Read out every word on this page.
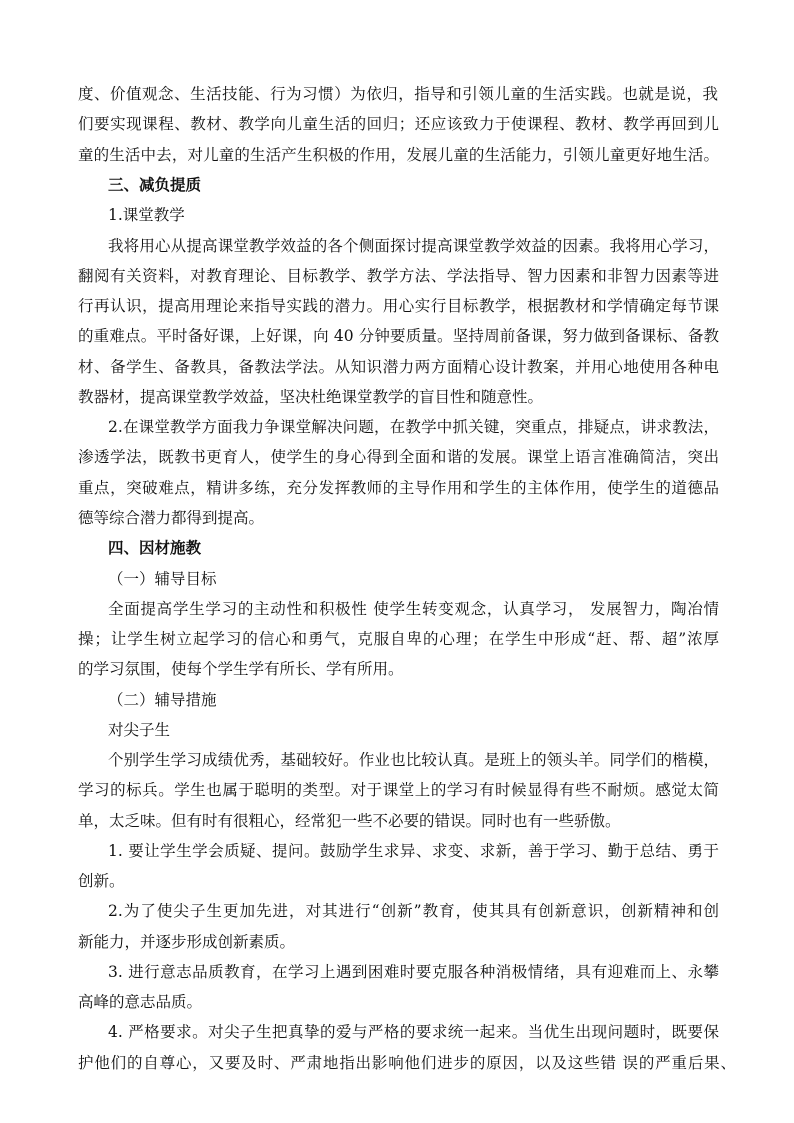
度、价值观念、生活技能、行为习惯）为依归，指导和引领儿童的生活实践。也就是说，我
们要实现课程、教材、教学向儿童生活的回归；还应该致力于使课程、教材、教学再回到儿
童的生活中去，对儿童的生活产生积极的作用，发展儿童的生活能力，引领儿童更好地生活。
三、减负提质
1.课堂教学
我将用心从提高课堂教学效益的各个侧面探讨提高课堂教学效益的因素。我将用心学习，
翻阅有关资料，对教育理论、目标教学、教学方法、学法指导、智力因素和非智力因素等进
行再认识，提高用理论来指导实践的潜力。用心实行目标教学，根据教材和学情确定每节课
的重难点。平时备好课，上好课，向 40 分钟要质量。坚持周前备课，努力做到备课标、备教
材、备学生、备教具，备教法学法。从知识潜力两方面精心设计教案，并用心地使用各种电
教器材，提高课堂教学效益，坚决杜绝课堂教学的盲目性和随意性。
2.在课堂教学方面我力争课堂解决问题，在教学中抓关键，突重点，排疑点，讲求教法，
渗透学法，既教书更育人，使学生的身心得到全面和谐的发展。课堂上语言准确简洁，突出
重点，突破难点，精讲多练，充分发挥教师的主导作用和学生的主体作用，使学生的道德品
德等综合潜力都得到提高。
四、因材施教
（一）辅导目标
全面提高学生学习的主动性和积极性 使学生转变观念，认真学习， 发展智力，陶冶情
操；让学生树立起学习的信心和勇气，克服自卑的心理；在学生中形成“赶、帮、超”浓厚
的学习氛围，使每个学生学有所长、学有所用。
（二）辅导措施
对尖子生
个别学生学习成绩优秀，基础较好。作业也比较认真。是班上的领头羊。同学们的楷模，
学习的标兵。学生也属于聪明的类型。对于课堂上的学习有时候显得有些不耐烦。感觉太简
单，太乏味。但有时有很粗心，经常犯一些不必要的错误。同时也有一些骄傲。
1. 要让学生学会质疑、提问。鼓励学生求异、求变、求新，善于学习、勤于总结、勇于
创新。
2.为了使尖子生更加先进，对其进行“创新”教育，使其具有创新意识，创新精神和创
新能力，并逐步形成创新素质。
3. 进行意志品质教育，在学习上遇到困难时要克服各种消极情绪，具有迎难而上、永攀
高峰的意志品质。
4. 严格要求。对尖子生把真挚的爱与严格的要求统一起来。当优生出现问题时，既要保
护他们的自尊心，又要及时、严肃地指出影响他们进步的原因，以及这些错 误的严重后果、
